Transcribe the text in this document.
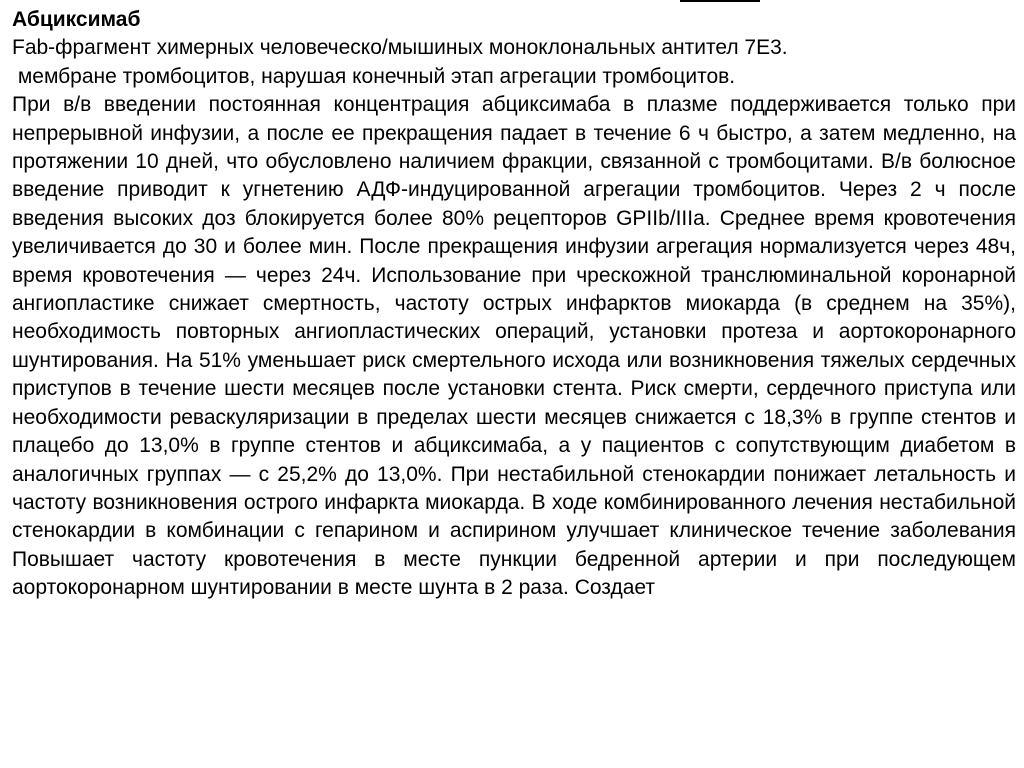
Абциксимаб

Fab-фрагмент химерных человеческо/мышиных моноклональных антител 7E3.

мембране тромбоцитов, нарушая конечный этап агрегации тромбоцитов.

При в/в введении постоянная концентрация абциксимаба в плазме поддерживается только при непрерывной инфузии, а после ее прекращения падает в течение 6 ч быстро, а затем медленно, на протяжении 10 дней, что обусловлено наличием фракции, связанной с тромбоцитами. В/в болюсное введение приводит к угнетению АДФ-индуцированной агрегации тромбоцитов. Через 2 ч после введения высоких доз блокируется более 80% рецепторов GPIIb/IIIa. Среднее время кровотечения увеличивается до 30 и более мин. После прекращения инфузии агрегация нормализуется через 48ч, время кровотечения — через 24ч. Использование при чрескожной транслюминальной коронарной ангиопластике снижает смертность, частоту острых инфарктов миокарда (в среднем на 35%), необходимость повторных ангиопластических операций, установки протеза и аортокоронарного шунтирования. На 51% уменьшает риск смертельного исхода или возникновения тяжелых сердечных приступов в течение шести месяцев после установки стента. Риск смерти, сердечного приступа или необходимости реваскуляризации в пределах шести месяцев снижается с 18,3% в группе стентов и плацебо до 13,0% в группе стентов и абциксимаба, а у пациентов с сопутствующим диабетом в аналогичных группах — с 25,2% до 13,0%. При нестабильной стенокардии понижает летальность и частоту возникновения острого инфаркта миокарда. В ходе комбинированного лечения нестабильной стенокардии в комбинации с гепарином и аспирином улучшает клиническое течение заболевания Повышает частоту кровотечения в месте пункции бедренной артерии и при последующем аортокоронарном шунтировании в месте шунта в 2 раза. Создает
